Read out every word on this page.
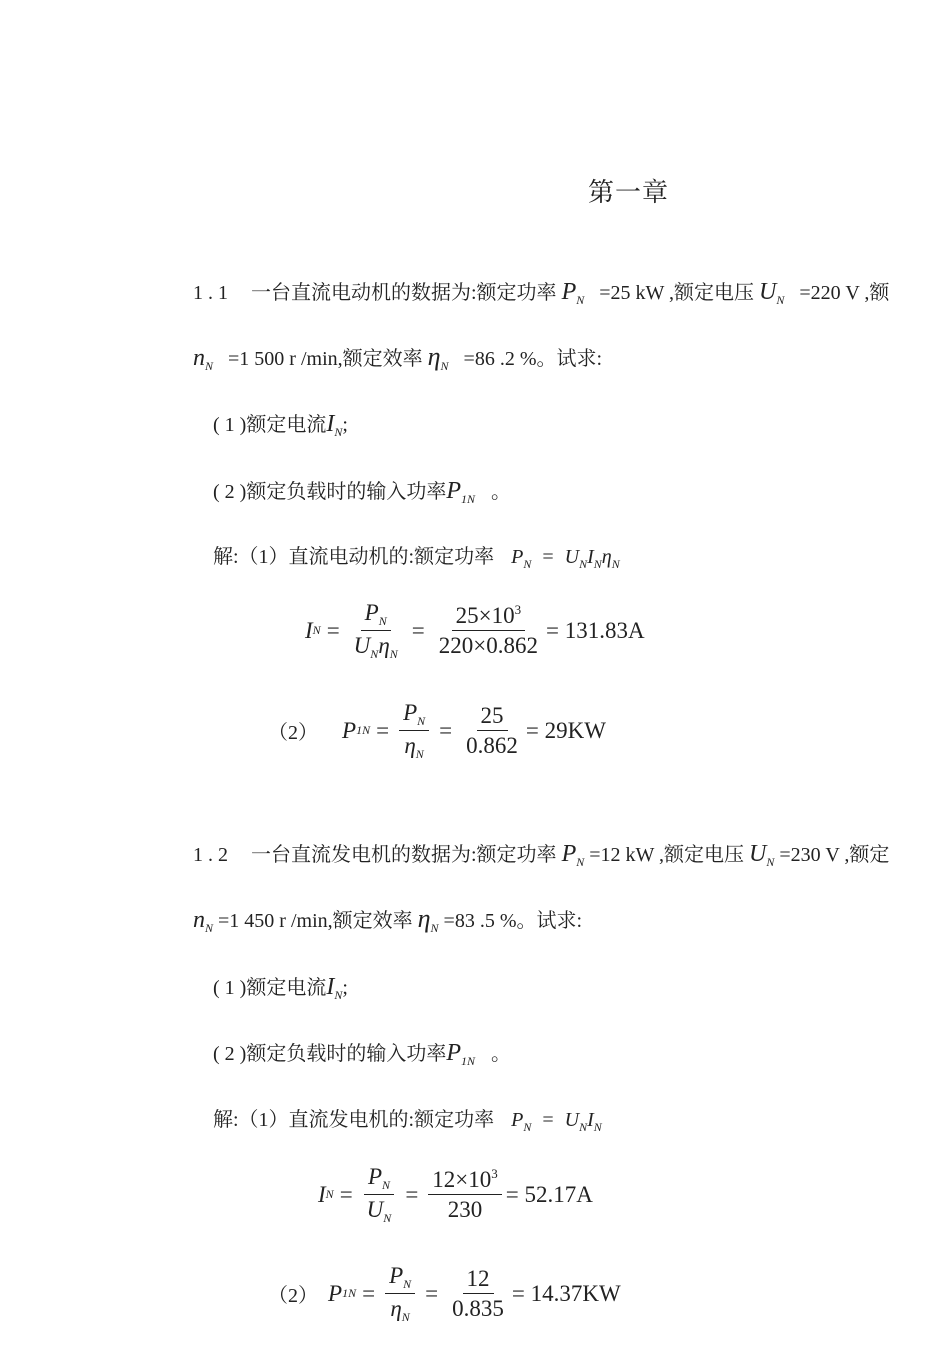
第一章
1 . 1 一台直流电动机的数据为:额定功率 $P_N =25$ kW ,额定电压 $U_N =220$ V ,额
$n_N =1$ 500 r /min,额定效率 $\eta_N =86$ .2 %。试求:
( 1 )额定电流$I_N$;
( 2 )额定负载时的输入功率$P_{1N}$ 。
解:（1）直流电动机的:额定功率 $P_N = U_NI_N\eta_N$
I $N = \frac{P_N}{U_N\eta_N} = \frac{25\times 10^3}{220\times 0.862} = 131.83A$
（2） P $1N = \frac{P_N}{\eta_N} = \frac{25}{0.862} = 29KW$
1 . 2 一台直流发电机的数据为:额定功率 $P_N =12$ kW ,额定电压 $U_N =230$ V ,额定
$n_N =1$ 450 r /min,额定效率 $\eta_N =83$ .5 %。试求:
( 1 )额定电流$I_N$;
( 2 )额定负载时的输入功率$P_{1N}$ 。
解:（1）直流发电机的:额定功率 $P_N = U_NI_N$
I $N = \frac{P_N}{U_N} = \frac{12\times 10^3}{230} = 52.17A$
（2） P $1N = \frac{P_N}{\eta_N} = \frac{12}{0.835} = 14.37KW$
